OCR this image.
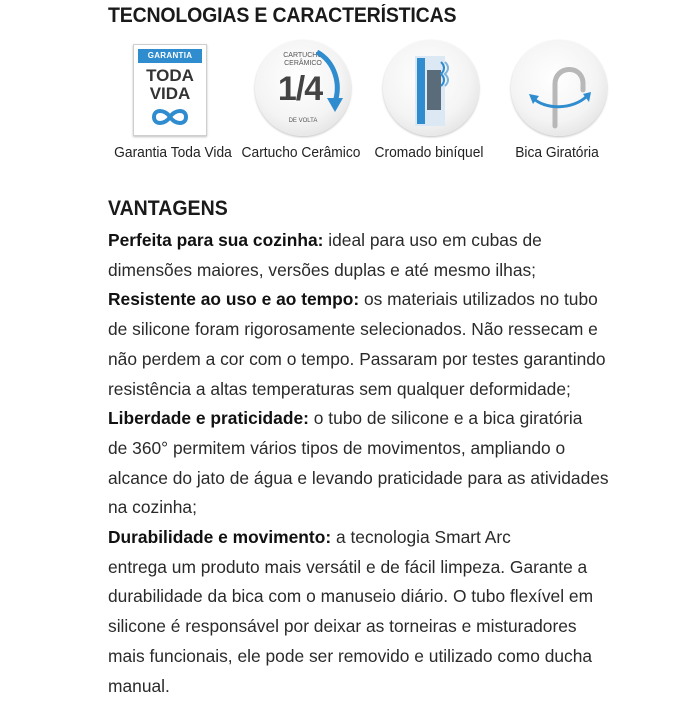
TECNOLOGIAS E CARACTERÍSTICAS
GARANTIA
TODA
VIDA
Garantia Toda Vida
CARTUCHO
CERÂMICO
1/4
DE VOLTA
Cartucho Cerâmico Cromado biníquel	Bica Giratória
VANTAGENS

Perfeita para sua cozinha: ideal para uso em cubas de
dimensões maiores, versões duplas e até mesmo ilhas;

Resistente ao uso e ao tempo: os materiais utilizados no tubo
de silicone foram rigorosamente selecionados. Não ressecam e
não perdem a cor com o tempo. Passaram por testes garantindo
resistência a altas temperaturas sem qualquer deformidade;

Liberdade e praticidade: o tubo de silicone e a bica giratória
de 360° permitem vários tipos de movimentos, ampliando o
alcance do jato de água e levando praticidade para as atividades
na cozinha;

Durabilidade e movimento: a tecnologia Smart Arc
entrega um produto mais versátil e de fácil limpeza. Garante a
durabilidade da bica com o manuseio diário. O tubo flexível em
silicone é responsável por deixar as torneiras e misturadores
mais funcionais, ele pode ser removido e utilizado como ducha
manual.
